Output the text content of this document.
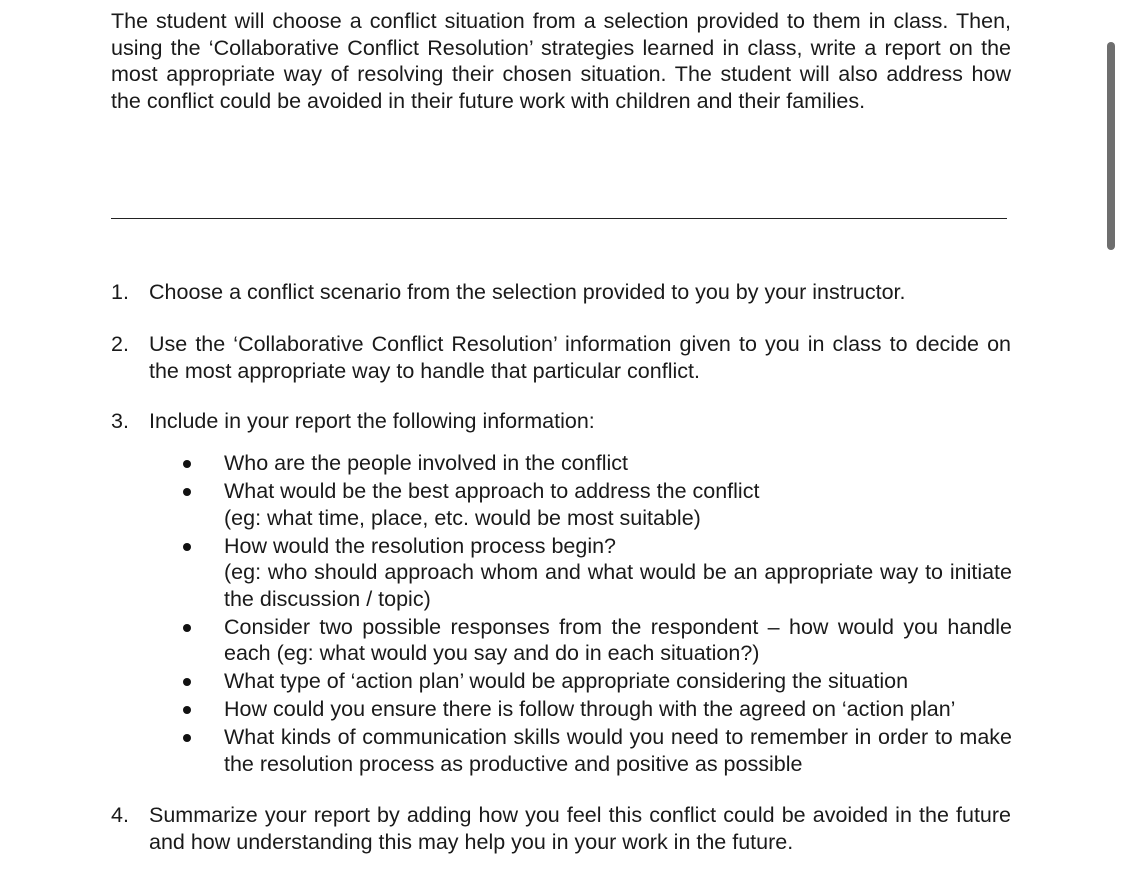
The student will choose a conflict situation from a selection provided to them in class. Then, using the ‘Collaborative Conflict Resolution’ strategies learned in class, write a report on the most appropriate way of resolving their chosen situation. The student will also address how the conflict could be avoided in their future work with children and their families.

1. Choose a conflict scenario from the selection provided to you by your instructor.
2. Use the ‘Collaborative Conflict Resolution’ information given to you in class to decide on the most appropriate way to handle that particular conflict.
3. Include in your report the following information:
Who are the people involved in the conflict
What would be the best approach to address the conflict
(eg: what time, place, etc. would be most suitable)
How would the resolution process begin?
(eg: who should approach whom and what would be an appropriate way to initiate the discussion / topic)
Consider two possible responses from the respondent – how would you handle each (eg: what would you say and do in each situation?)
What type of ‘action plan’ would be appropriate considering the situation
How could you ensure there is follow through with the agreed on ‘action plan’
What kinds of communication skills would you need to remember in order to make the resolution process as productive and positive as possible
4. Summarize your report by adding how you feel this conflict could be avoided in the future and how understanding this may help you in your work in the future.
